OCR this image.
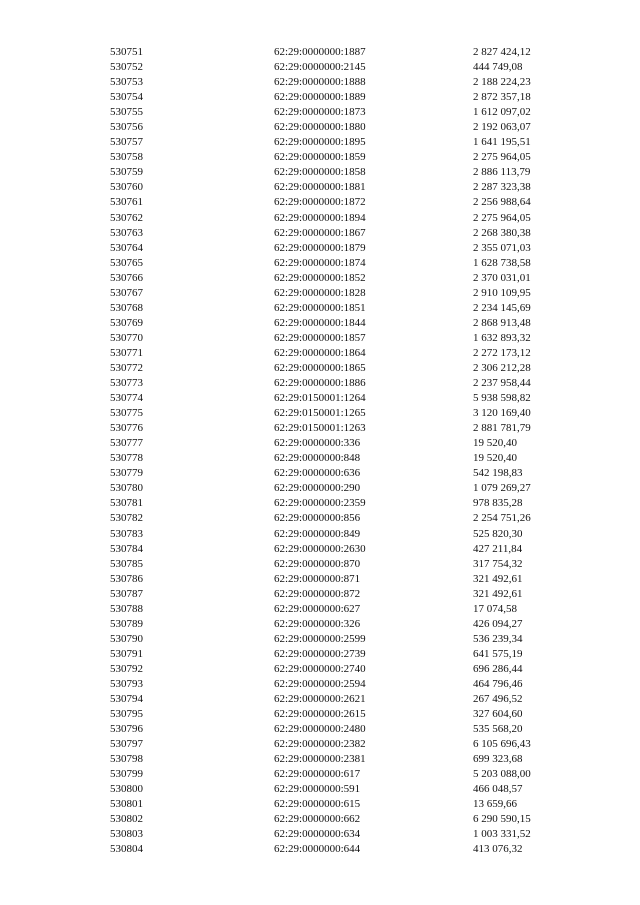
530751	62:29:0000000:1887	2 827 424,12
530752	62:29:0000000:2145	444 749,08
530753	62:29:0000000:1888	2 188 224,23
530754	62:29:0000000:1889	2 872 357,18
530755	62:29:0000000:1873	1 612 097,02
530756	62:29:0000000:1880	2 192 063,07
530757	62:29:0000000:1895	1 641 195,51
530758	62:29:0000000:1859	2 275 964,05
530759	62:29:0000000:1858	2 886 113,79
530760	62:29:0000000:1881	2 287 323,38
530761	62:29:0000000:1872	2 256 988,64
530762	62:29:0000000:1894	2 275 964,05
530763	62:29:0000000:1867	2 268 380,38
530764	62:29:0000000:1879	2 355 071,03
530765	62:29:0000000:1874	1 628 738,58
530766	62:29:0000000:1852	2 370 031,01
530767	62:29:0000000:1828	2 910 109,95
530768	62:29:0000000:1851	2 234 145,69
530769	62:29:0000000:1844	2 868 913,48
530770	62:29:0000000:1857	1 632 893,32
530771	62:29:0000000:1864	2 272 173,12
530772	62:29:0000000:1865	2 306 212,28
530773	62:29:0000000:1886	2 237 958,44
530774	62:29:0150001:1264	5 938 598,82
530775	62:29:0150001:1265	3 120 169,40
530776	62:29:0150001:1263	2 881 781,79
530777	62:29:0000000:336	19 520,40
530778	62:29:0000000:848	19 520,40
530779	62:29:0000000:636	542 198,83
530780	62:29:0000000:290	1 079 269,27
530781	62:29:0000000:2359	978 835,28
530782	62:29:0000000:856	2 254 751,26
530783	62:29:0000000:849	525 820,30
530784	62:29:0000000:2630	427 211,84
530785	62:29:0000000:870	317 754,32
530786	62:29:0000000:871	321 492,61
530787	62:29:0000000:872	321 492,61
530788	62:29:0000000:627	17 074,58
530789	62:29:0000000:326	426 094,27
530790	62:29:0000000:2599	536 239,34
530791	62:29:0000000:2739	641 575,19
530792	62:29:0000000:2740	696 286,44
530793	62:29:0000000:2594	464 796,46
530794	62:29:0000000:2621	267 496,52
530795	62:29:0000000:2615	327 604,60
530796	62:29:0000000:2480	535 568,20
530797	62:29:0000000:2382	6 105 696,43
530798	62:29:0000000:2381	699 323,68
530799	62:29:0000000:617	5 203 088,00
530800	62:29:0000000:591	466 048,57
530801	62:29:0000000:615	13 659,66
530802	62:29:0000000:662	6 290 590,15
530803	62:29:0000000:634	1 003 331,52
530804	62:29:0000000:644	413 076,32
